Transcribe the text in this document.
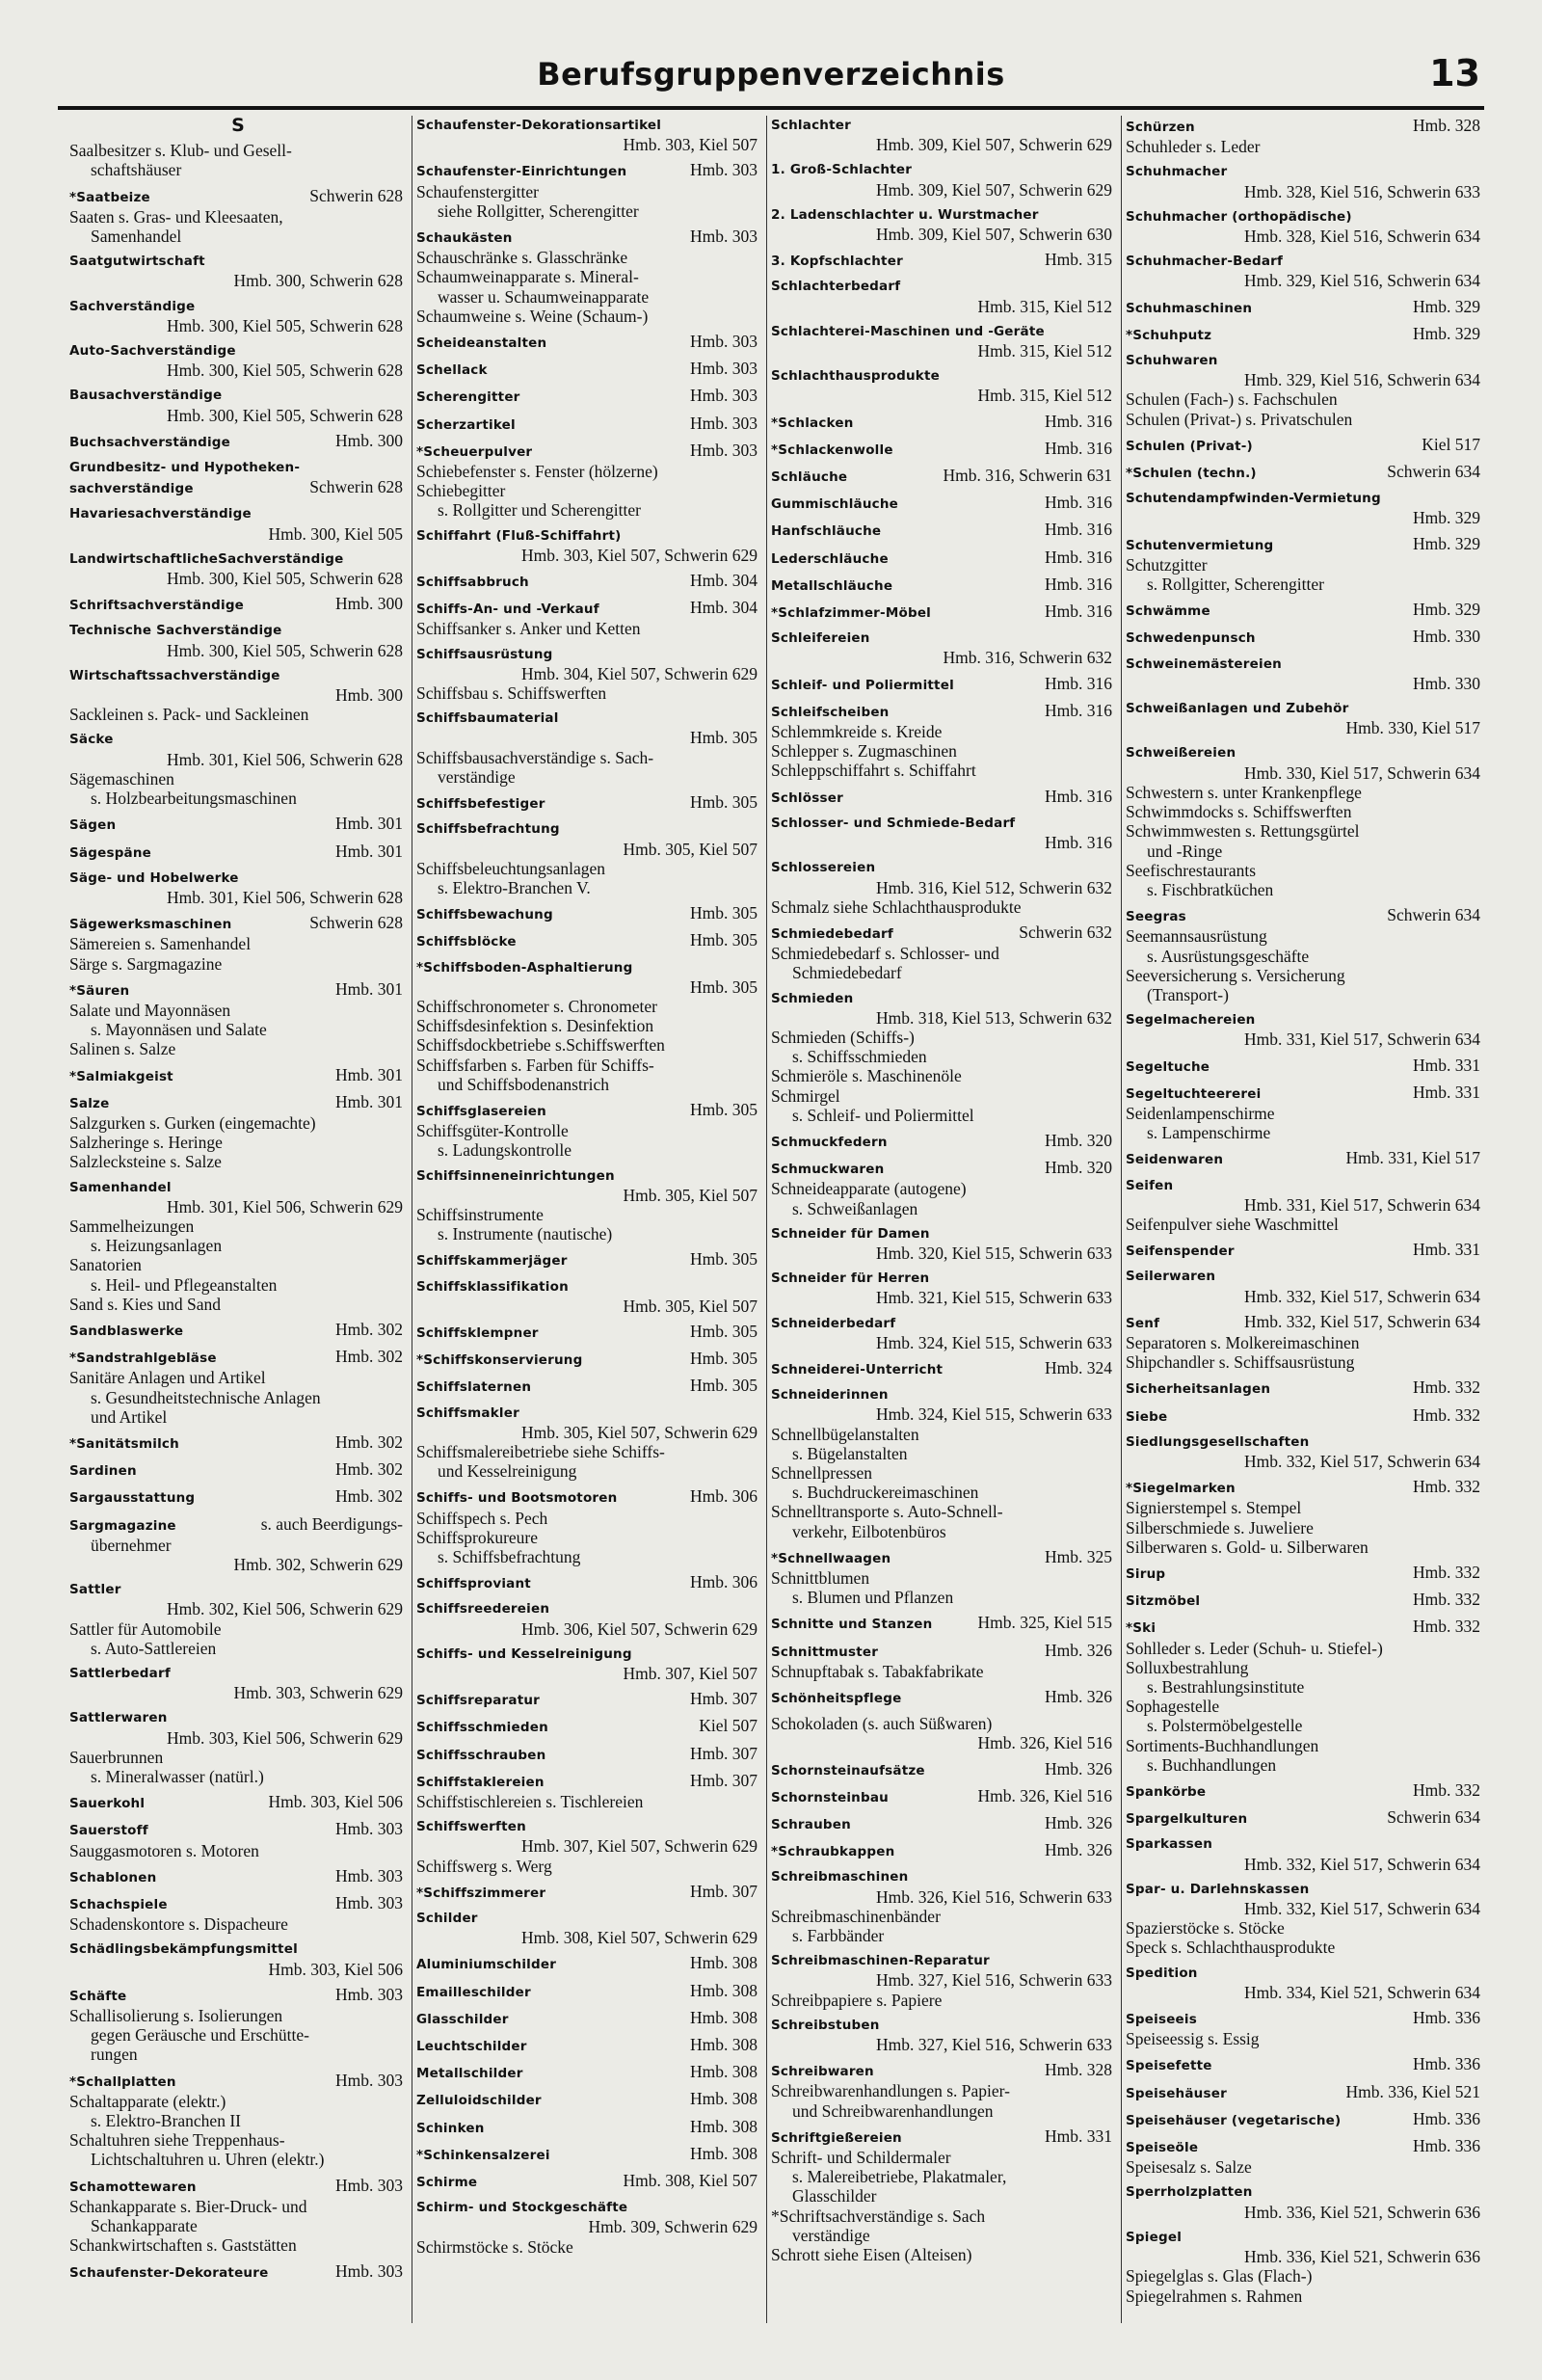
Berufsgruppenverzeichnis	13
S
Saalbesitzer s. Klub- und Gesell-
schaftshäuser
*Saatbeize	Schwerin 628
Saaten s. Gras- und Kleesaaten,
Samenhandel
Saatgutwirtschaft
Hmb. 300, Schwerin 628
Sachverständige
Hmb. 300, Kiel 505, Schwerin 628
Auto-Sachverständige
Hmb. 300, Kiel 505, Schwerin 628
Bausachverständige
Hmb. 300, Kiel 505, Schwerin 628
Buchsachverständige	Hmb. 300
Grundbesitz- und Hypotheken-
sachverständige	Schwerin 628
Havariesachverständige
Hmb. 300, Kiel 505
LandwirtschaftlicheSachverständige
Hmb. 300, Kiel 505, Schwerin 628
Schriftsachverständige	Hmb. 300
Technische Sachverständige
Hmb. 300, Kiel 505, Schwerin 628
Wirtschaftssachverständige
Hmb. 300
Sackleinen s. Pack- und Sackleinen
Säcke
Hmb. 301, Kiel 506, Schwerin 628
Sägemaschinen
s. Holzbearbeitungsmaschinen
Sägen	Hmb. 301
Sägespäne	Hmb. 301
Säge- und Hobelwerke
Hmb. 301, Kiel 506, Schwerin 628
Sägewerksmaschinen	Schwerin 628
Sämereien s. Samenhandel
Särge s. Sargmagazine
*Säuren	Hmb. 301
Salate und Mayonnäsen
s. Mayonnäsen und Salate
Salinen s. Salze
*Salmiakgeist	Hmb. 301
Salze	Hmb. 301
Salzgurken s. Gurken (eingemachte)
Salzheringe s. Heringe
Salzlecksteine s. Salze
Samenhandel
Hmb. 301, Kiel 506, Schwerin 629
Sammelheizungen
s. Heizungsanlagen
Sanatorien
s. Heil- und Pflegeanstalten
Sand s. Kies und Sand
Sandblaswerke	Hmb. 302
*Sandstrahlgebläse	Hmb. 302
Sanitäre Anlagen und Artikel
s. Gesundheitstechnische Anlagen
und Artikel
*Sanitätsmilch	Hmb. 302
Sardinen	Hmb. 302
Sargausstattung	Hmb. 302
Sargmagazine	s. auch Beerdigungs-
übernehmer
Hmb. 302, Schwerin 629
Sattler
Hmb. 302, Kiel 506, Schwerin 629
Sattler für Automobile
s. Auto-Sattlereien
Sattlerbedarf
Hmb. 303, Schwerin 629
Sattlerwaren
Hmb. 303, Kiel 506, Schwerin 629
Sauerbrunnen
s. Mineralwasser (natürl.)
Sauerkohl	Hmb. 303, Kiel 506
Sauerstoff	Hmb. 303
Sauggasmotoren s. Motoren
Schablonen	Hmb. 303
Schachspiele	Hmb. 303
Schadenskontore s. Dispacheure
Schädlingsbekämpfungsmittel
Hmb. 303, Kiel 506
Schäfte	Hmb. 303
Schallisolierung s. Isolierungen
gegen Geräusche und Erschütte-
rungen
*Schallplatten	Hmb. 303
Schaltapparate (elektr.)
s. Elektro-Branchen II
Schaltuhren siehe Treppenhaus-
Lichtschaltuhren u. Uhren (elektr.)
Schamottewaren	Hmb. 303
Schankapparate s. Bier-Druck- und
Schankapparate
Schankwirtschaften s. Gaststätten
Schaufenster-Dekorateure	Hmb. 303
Schaufenster-Dekorationsartikel
Hmb. 303, Kiel 507
Schaufenster-Einrichtungen	Hmb. 303
Schaufenstergitter
siehe Rollgitter, Scherengitter
Schaukästen	Hmb. 303
Schauschränke s. Glasschränke
Schaumweinapparate s. Mineral-
wasser u. Schaumweinapparate
Schaumweine s. Weine (Schaum-)
Scheideanstalten	Hmb. 303
Schellack	Hmb. 303
Scherengitter	Hmb. 303
Scherzartikel	Hmb. 303
*Scheuerpulver	Hmb. 303
Schiebefenster s. Fenster (hölzerne)
Schiebegitter
s. Rollgitter und Scherengitter
Schiffahrt (Fluß-Schiffahrt)
Hmb. 303, Kiel 507, Schwerin 629
Schiffsabbruch	Hmb. 304
Schiffs-An- und -Verkauf	Hmb. 304
Schiffsanker s. Anker und Ketten
Schiffsausrüstung
Hmb. 304, Kiel 507, Schwerin 629
Schiffsbau s. Schiffswerften
Schiffsbaumaterial
Hmb. 305
Schiffsbausachverständige s. Sach-
verständige
Schiffsbefestiger	Hmb. 305
Schiffsbefrachtung
Hmb. 305, Kiel 507
Schiffsbeleuchtungsanlagen
s. Elektro-Branchen V.
Schiffsbewachung	Hmb. 305
Schiffsblöcke	Hmb. 305
*Schiffsboden-Asphaltierung
Hmb. 305
Schiffschronometer s. Chronometer
Schiffsdesinfektion s. Desinfektion
Schiffsdockbetriebe s.Schiffswerften
Schiffsfarben s. Farben für Schiffs-
und Schiffsbodenanstrich
Schiffsglasereien	Hmb. 305
Schiffsgüter-Kontrolle
s. Ladungskontrolle
Schiffsinneneinrichtungen
Hmb. 305, Kiel 507
Schiffsinstrumente
s. Instrumente (nautische)
Schiffskammerjäger	Hmb. 305
Schiffsklassifikation
Hmb. 305, Kiel 507
Schiffsklempner	Hmb. 305
*Schiffskonservierung	Hmb. 305
Schiffslaternen	Hmb. 305
Schiffsmakler
Hmb. 305, Kiel 507, Schwerin 629
Schiffsmalereibetriebe siehe Schiffs-
und Kesselreinigung
Schiffs- und Bootsmotoren	Hmb. 306
Schiffspech s. Pech
Schiffsprokureure
s. Schiffsbefrachtung
Schiffsproviant	Hmb. 306
Schiffsreedereien
Hmb. 306, Kiel 507, Schwerin 629
Schiffs- und Kesselreinigung
Hmb. 307, Kiel 507
Schiffsreparatur	Hmb. 307
Schiffsschmieden	Kiel 507
Schiffsschrauben	Hmb. 307
Schiffstaklereien	Hmb. 307
Schiffstischlereien s. Tischlereien
Schiffswerften
Hmb. 307, Kiel 507, Schwerin 629
Schiffswerg s. Werg
*Schiffszimmerer	Hmb. 307
Schilder
Hmb. 308, Kiel 507, Schwerin 629
Aluminiumschilder	Hmb. 308
Emailleschilder	Hmb. 308
Glasschilder	Hmb. 308
Leuchtschilder	Hmb. 308
Metallschilder	Hmb. 308
Zelluloidschilder	Hmb. 308
Schinken	Hmb. 308
*Schinkensalzerei	Hmb. 308
Schirme	Hmb. 308, Kiel 507
Schirm- und Stockgeschäfte
Hmb. 309, Schwerin 629
Schirmstöcke s. Stöcke
Schlachter
Hmb. 309, Kiel 507, Schwerin 629
1. Groß-Schlachter
Hmb. 309, Kiel 507, Schwerin 629
2. Ladenschlachter u. Wurstmacher
Hmb. 309, Kiel 507, Schwerin 630
3. Kopfschlachter	Hmb. 315
Schlachterbedarf
Hmb. 315, Kiel 512
Schlachterei-Maschinen und -Geräte
Hmb. 315, Kiel 512
Schlachthausprodukte
Hmb. 315, Kiel 512
*Schlacken	Hmb. 316
*Schlackenwolle	Hmb. 316
Schläuche	Hmb. 316, Schwerin 631
Gummischläuche	Hmb. 316
Hanfschläuche	Hmb. 316
Lederschläuche	Hmb. 316
Metallschläuche	Hmb. 316
*Schlafzimmer-Möbel	Hmb. 316
Schleifereien
Hmb. 316, Schwerin 632
Schleif- und Poliermittel	Hmb. 316
Schleifscheiben	Hmb. 316
Schlemmkreide s. Kreide
Schlepper s. Zugmaschinen
Schleppschiffahrt s. Schiffahrt
Schlösser	Hmb. 316
Schlosser- und Schmiede-Bedarf
Hmb. 316
Schlossereien
Hmb. 316, Kiel 512, Schwerin 632
Schmalz siehe Schlachthausprodukte
Schmiedebedarf	Schwerin 632
Schmiedebedarf s. Schlosser- und
Schmiedebedarf
Schmieden
Hmb. 318, Kiel 513, Schwerin 632
Schmieden (Schiffs-)
s. Schiffsschmieden
Schmieröle s. Maschinenöle
Schmirgel
s. Schleif- und Poliermittel
Schmuckfedern	Hmb. 320
Schmuckwaren	Hmb. 320
Schneideapparate (autogene)
s. Schweißanlagen
Schneider für Damen
Hmb. 320, Kiel 515, Schwerin 633
Schneider für Herren
Hmb. 321, Kiel 515, Schwerin 633
Schneiderbedarf
Hmb. 324, Kiel 515, Schwerin 633
Schneiderei-Unterricht	Hmb. 324
Schneiderinnen
Hmb. 324, Kiel 515, Schwerin 633
Schnellbügelanstalten
s. Bügelanstalten
Schnellpressen
s. Buchdruckereimaschinen
Schnelltransporte s. Auto-Schnell-
verkehr, Eilbotenbüros
*Schnellwaagen	Hmb. 325
Schnittblumen
s. Blumen und Pflanzen
Schnitte und Stanzen	Hmb. 325, Kiel 515
Schnittmuster	Hmb. 326
Schnupftabak s. Tabakfabrikate
Schönheitspflege	Hmb. 326
Schokoladen (s. auch Süßwaren)
Hmb. 326, Kiel 516
Schornsteinaufsätze	Hmb. 326
Schornsteinbau	Hmb. 326, Kiel 516
Schrauben	Hmb. 326
*Schraubkappen	Hmb. 326
Schreibmaschinen
Hmb. 326, Kiel 516, Schwerin 633
Schreibmaschinenbänder
s. Farbbänder
Schreibmaschinen-Reparatur
Hmb. 327, Kiel 516, Schwerin 633
Schreibpapiere s. Papiere
Schreibstuben
Hmb. 327, Kiel 516, Schwerin 633
Schreibwaren	Hmb. 328
Schreibwarenhandlungen s. Papier-
und Schreibwarenhandlungen
Schriftgießereien	Hmb. 331
Schrift- und Schildermaler
s. Malereibetriebe, Plakatmaler,
Glasschilder
*Schriftsachverständige s. Sach
verständige
Schrott siehe Eisen (Alteisen)
Schürzen	Hmb. 328
Schuhleder s. Leder
Schuhmacher
Hmb. 328, Kiel 516, Schwerin 633
Schuhmacher (orthopädische)
Hmb. 328, Kiel 516, Schwerin 634
Schuhmacher-Bedarf
Hmb. 329, Kiel 516, Schwerin 634
Schuhmaschinen	Hmb. 329
*Schuhputz	Hmb. 329
Schuhwaren
Hmb. 329, Kiel 516, Schwerin 634
Schulen (Fach-) s. Fachschulen
Schulen (Privat-) s. Privatschulen
Schulen (Privat-)	Kiel 517
*Schulen (techn.)	Schwerin 634
Schutendampfwinden-Vermietung
Hmb. 329
Schutenvermietung	Hmb. 329
Schutzgitter
s. Rollgitter, Scherengitter
Schwämme	Hmb. 329
Schwedenpunsch	Hmb. 330
Schweinemästereien
Hmb. 330
Schweißanlagen und Zubehör
Hmb. 330, Kiel 517
Schweißereien
Hmb. 330, Kiel 517, Schwerin 634
Schwestern s. unter Krankenpflege
Schwimmdocks s. Schiffswerften
Schwimmwesten s. Rettungsgürtel
und -Ringe
Seefischrestaurants
s. Fischbratküchen
Seegras	Schwerin 634
Seemannsausrüstung
s. Ausrüstungsgeschäfte
Seeversicherung s. Versicherung
(Transport-)
Segelmachereien
Hmb. 331, Kiel 517, Schwerin 634
Segeltuche	Hmb. 331
Segeltuchteererei	Hmb. 331
Seidenlampenschirme
s. Lampenschirme
Seidenwaren	Hmb. 331, Kiel 517
Seifen
Hmb. 331, Kiel 517, Schwerin 634
Seifenpulver siehe Waschmittel
Seifenspender	Hmb. 331
Seilerwaren
Hmb. 332, Kiel 517, Schwerin 634
Senf	Hmb. 332, Kiel 517, Schwerin 634
Separatoren s. Molkereimaschinen
Shipchandler s. Schiffsausrüstung
Sicherheitsanlagen	Hmb. 332
Siebe	Hmb. 332
Siedlungsgesellschaften
Hmb. 332, Kiel 517, Schwerin 634
*Siegelmarken	Hmb. 332
Signierstempel s. Stempel
Silberschmiede s. Juweliere
Silberwaren s. Gold- u. Silberwaren
Sirup	Hmb. 332
Sitzmöbel	Hmb. 332
*Ski	Hmb. 332
Sohlleder s. Leder (Schuh- u. Stiefel-)
Solluxbestrahlung
s. Bestrahlungsinstitute
Sophagestelle
s. Polstermöbelgestelle
Sortiments-Buchhandlungen
s. Buchhandlungen
Spankörbe	Hmb. 332
Spargelkulturen	Schwerin 634
Sparkassen
Hmb. 332, Kiel 517, Schwerin 634
Spar- u. Darlehnskassen
Hmb. 332, Kiel 517, Schwerin 634
Spazierstöcke s. Stöcke
Speck s. Schlachthausprodukte
Spedition
Hmb. 334, Kiel 521, Schwerin 634
Speiseeis	Hmb. 336
Speiseessig s. Essig
Speisefette	Hmb. 336
Speisehäuser	Hmb. 336, Kiel 521
Speisehäuser (vegetarische)	Hmb. 336
Speiseöle	Hmb. 336
Speisesalz s. Salze
Sperrholzplatten
Hmb. 336, Kiel 521, Schwerin 636
Spiegel
Hmb. 336, Kiel 521, Schwerin 636
Spiegelglas s. Glas (Flach-)
Spiegelrahmen s. Rahmen
